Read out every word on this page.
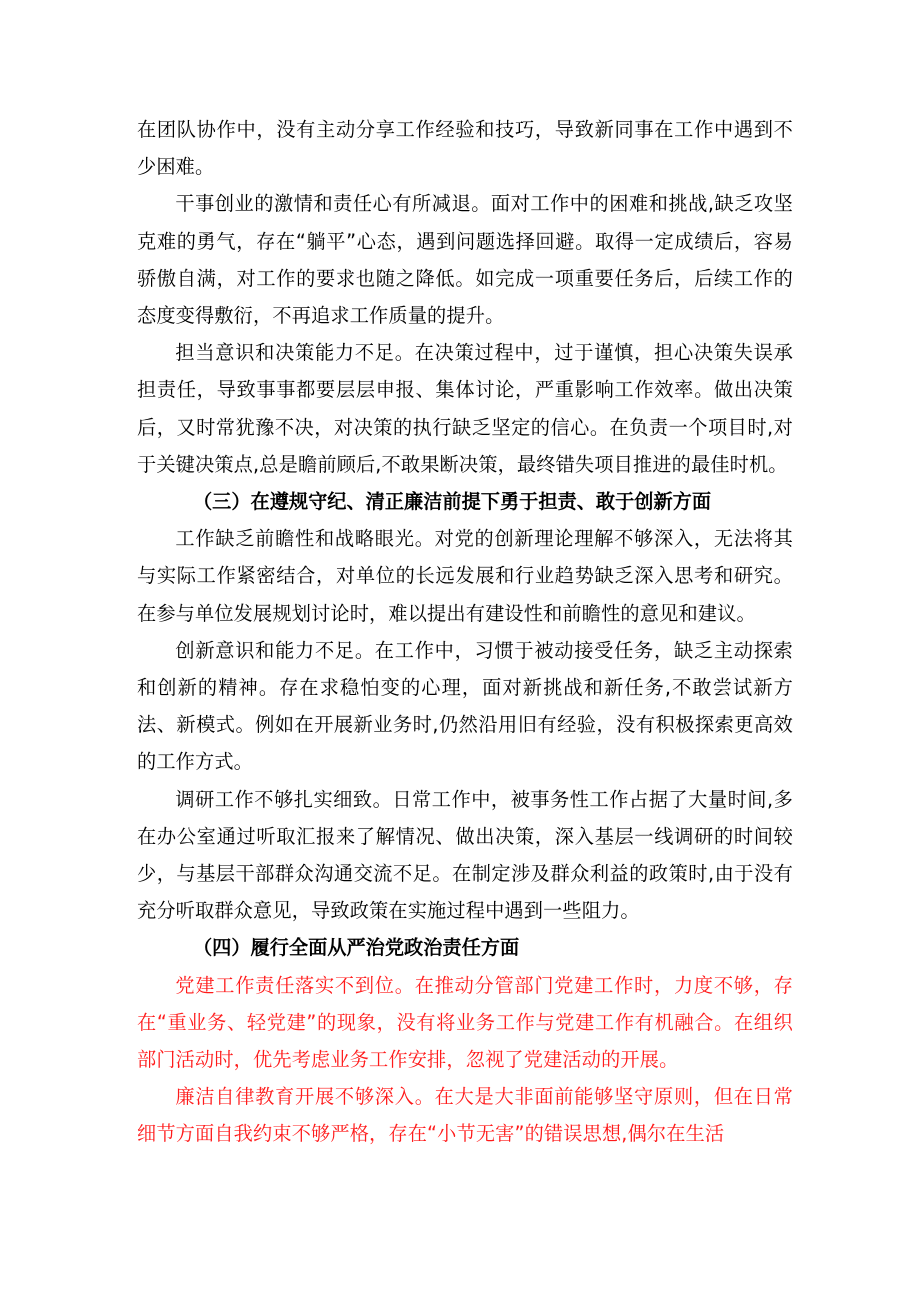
在团队协作中，没有主动分享工作经验和技巧，导致新同事在工作中遇到不少困难。

干事创业的激情和责任心有所减退。面对工作中的困难和挑战,缺乏攻坚克难的勇气，存在“躺平”心态，遇到问题选择回避。取得一定成绩后，容易骄傲自满，对工作的要求也随之降低。如完成一项重要任务后，后续工作的态度变得敷衍，不再追求工作质量的提升。

担当意识和决策能力不足。在决策过程中，过于谨慎，担心决策失误承担责任，导致事事都要层层申报、集体讨论，严重影响工作效率。做出决策后，又时常犹豫不决，对决策的执行缺乏坚定的信心。在负责一个项目时,对于关键决策点,总是瞻前顾后,不敢果断决策，最终错失项目推进的最佳时机。

（三）在遵规守纪、清正廉洁前提下勇于担责、敢于创新方面

工作缺乏前瞻性和战略眼光。对党的创新理论理解不够深入，无法将其与实际工作紧密结合，对单位的长远发展和行业趋势缺乏深入思考和研究。在参与单位发展规划讨论时，难以提出有建设性和前瞻性的意见和建议。

创新意识和能力不足。在工作中，习惯于被动接受任务，缺乏主动探索和创新的精神。存在求稳怕变的心理，面对新挑战和新任务,不敢尝试新方法、新模式。例如在开展新业务时,仍然沿用旧有经验，没有积极探索更高效的工作方式。

调研工作不够扎实细致。日常工作中，被事务性工作占据了大量时间,多在办公室通过听取汇报来了解情况、做出决策，深入基层一线调研的时间较少，与基层干部群众沟通交流不足。在制定涉及群众利益的政策时,由于没有充分听取群众意见，导致政策在实施过程中遇到一些阻力。

（四）履行全面从严治党政治责任方面

党建工作责任落实不到位。在推动分管部门党建工作时，力度不够，存在“重业务、轻党建”的现象，没有将业务工作与党建工作有机融合。在组织部门活动时，优先考虑业务工作安排，忽视了党建活动的开展。

廉洁自律教育开展不够深入。在大是大非面前能够坚守原则，但在日常细节方面自我约束不够严格，存在“小节无害”的错误思想,偶尔在生活
